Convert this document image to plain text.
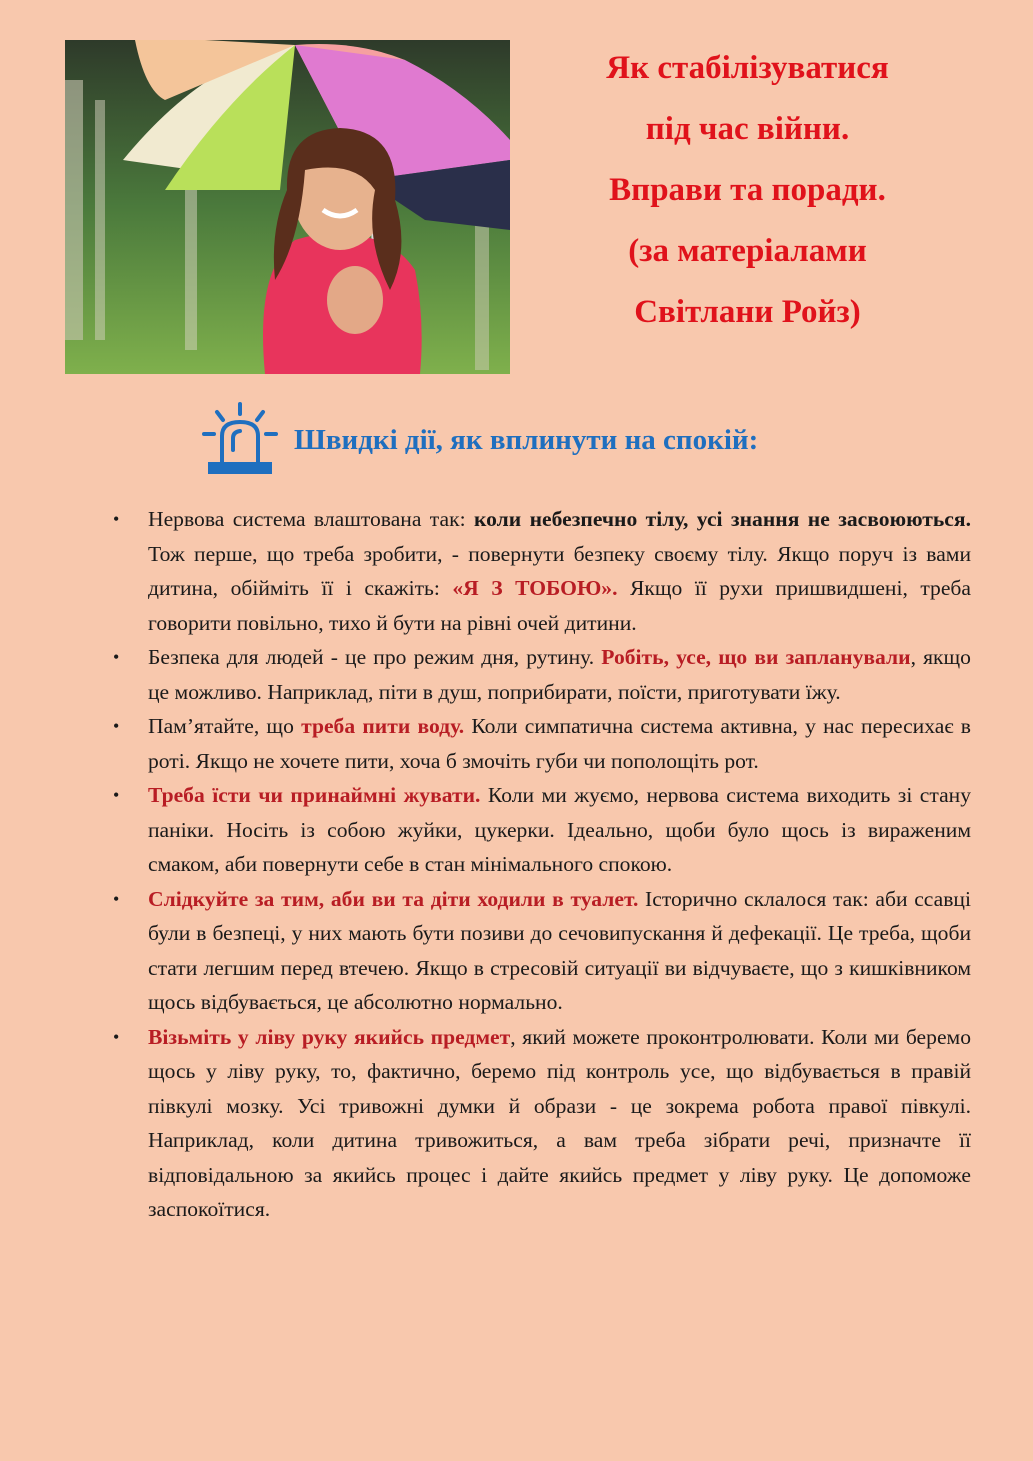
Як стабілізуватися
під час війни.
Вправи та поради.
(за матеріалами
Світлани Ройз)
Швидкі дії, як вплинути на спокій:
• Нервова система влаштована так: коли небезпечно тілу, усі знання не засвоюються. Тож перше, що треба зробити, - повернути безпеку своєму тілу. Якщо поруч із вами дитина, обійміть її і скажіть: «Я З ТОБОЮ». Якщо її рухи пришвидшені, треба говорити повільно, тихо й бути на рівні очей дитини.
• Безпека для людей - це про режим дня, рутину. Робіть, усе, що ви запланували, якщо це можливо. Наприклад, піти в душ, поприбирати, поїсти, приготувати їжу.
• Пам’ятайте, що треба пити воду. Коли симпатична система активна, у нас пересихає в роті. Якщо не хочете пити, хоча б змочіть губи чи пополощіть рот.
• Треба їсти чи принаймні жувати. Коли ми жуємо, нервова система виходить зі стану паніки. Носіть із собою жуйки, цукерки. Ідеально, щоби було щось із вираженим смаком, аби повернути себе в стан мінімального спокою.
• Слідкуйте за тим, аби ви та діти ходили в туалет. Історично склалося так: аби ссавці були в безпеці, у них мають бути позиви до сечовипускання й дефекації. Це треба, щоби стати легшим перед втечею. Якщо в стресовій ситуації ви відчуваєте, що з кишківником щось відбувається, це абсолютно нормально.
• Візьміть у ліву руку якийсь предмет, який можете проконтролювати. Коли ми беремо щось у ліву руку, то, фактично, беремо під контроль усе, що відбувається в правій півкулі мозку. Усі тривожні думки й образи - це зокрема робота правої півкулі. Наприклад, коли дитина тривожиться, а вам треба зібрати речі, призначте її відповідальною за якийсь процес і дайте якийсь предмет у ліву руку. Це допоможе заспокоїтися.
